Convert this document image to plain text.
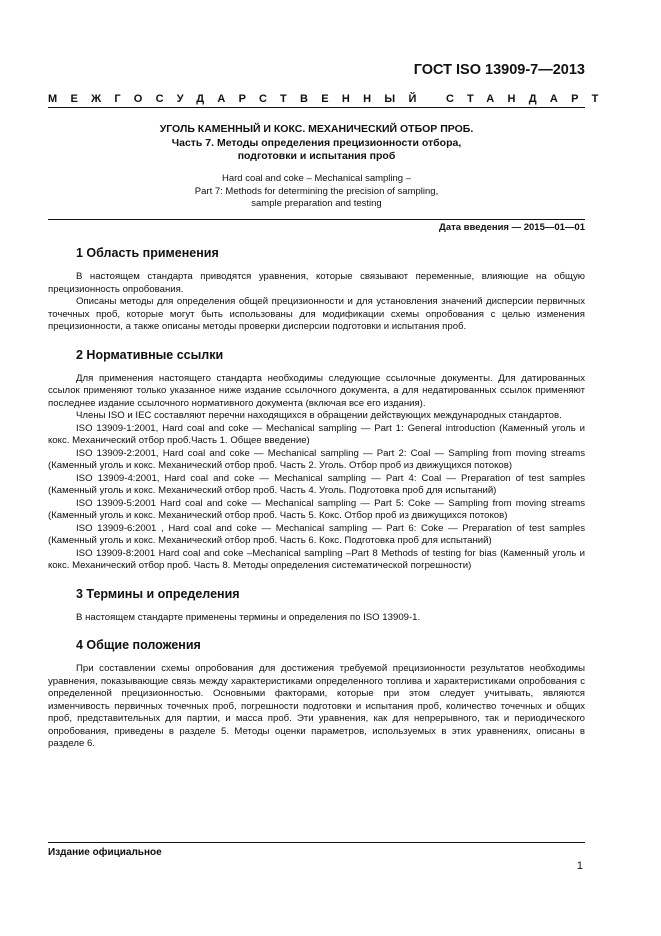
ГОСТ ISO 13909-7—2013
МЕЖГОСУДАРСТВЕННЫЙ СТАНДАРТ
УГОЛЬ КАМЕННЫЙ И КОКС. МЕХАНИЧЕСКИЙ ОТБОР ПРОБ.
Часть 7. Методы определения прецизионности отбора,
подготовки и испытания проб
Hard coal and coke – Mechanical sampling –
Part 7: Methods for determining the precision of sampling,
sample preparation and testing
Дата введения — 2015—01—01
1 Область применения

В настоящем стандарта приводятся уравнения, которые связывают переменные, влияющие на общую прецизионность опробования.

Описаны методы для определения общей прецизионности и для установления значений дисперсии первичных точечных проб, которые могут быть использованы для модификации схемы опробования с целью изменения прецизионности, а также описаны методы проверки дисперсии подготовки и испытания проб.

2 Нормативные ссылки

Для применения настоящего стандарта необходимы следующие ссылочные документы. Для датированных ссылок применяют только указанное ниже издание ссылочного документа, а для недатированных ссылок применяют последнее издание ссылочного нормативного документа (включая все его издания).

Члены ISO и IEC составляют перечни находящихся в обращении действующих международных стандартов.

ISO 13909-1:2001, Hard coal and coke — Mechanical sampling — Part 1: General introduction (Каменный уголь и кокс. Механический отбор проб.Часть 1. Общее введение)

ISO 13909-2:2001, Hard coal and coke — Mechanical sampling — Part 2: Coal — Sampling from moving streams (Каменный уголь и кокс. Механический отбор проб. Часть 2. Уголь. Отбор проб из движущихся потоков)

ISO 13909-4:2001, Hard coal and coke — Mechanical sampling — Part 4: Coal — Preparation of test samples (Каменный уголь и кокс. Механический отбор проб. Часть 4. Уголь. Подготовка проб для испытаний)

ISO 13909-5:2001 Hard coal and coke — Mechanical sampling — Part 5: Coke — Sampling from moving streams (Каменный уголь и кокс. Механический отбор проб. Часть 5. Кокс. Отбор проб из движущихся потоков)

ISO 13909-6:2001 , Hard coal and coke — Mechanical sampling — Part 6: Coke — Preparation of test samples (Каменный уголь и кокс. Механический отбор проб. Часть 6. Кокс. Подготовка проб для испытаний)

ISO 13909-8:2001 Hard coal and coke –Mechanical sampling –Part 8 Methods of testing for bias (Каменный уголь и кокс. Механический отбор проб. Часть 8. Методы определения систематической погрешности)

3 Термины и определения

В настоящем стандарте применены термины и определения по ISO 13909-1.

4 Общие положения

При составлении схемы опробования для достижения требуемой прецизионности результатов необходимы уравнения, показывающие связь между характеристиками определенного топлива и характеристиками опробования с определенной прецизионностью. Основными факторами, которые при этом следует учитывать, являются изменчивость первичных точечных проб, погрешности подготовки и испытания проб, количество точечных и общих проб, представительных для партии, и масса проб. Эти уравнения, как для непрерывного, так и периодического опробования, приведены в разделе 5. Методы оценки параметров, используемых в этих уравнениях, описаны в разделе 6.

Издание официальное
1
